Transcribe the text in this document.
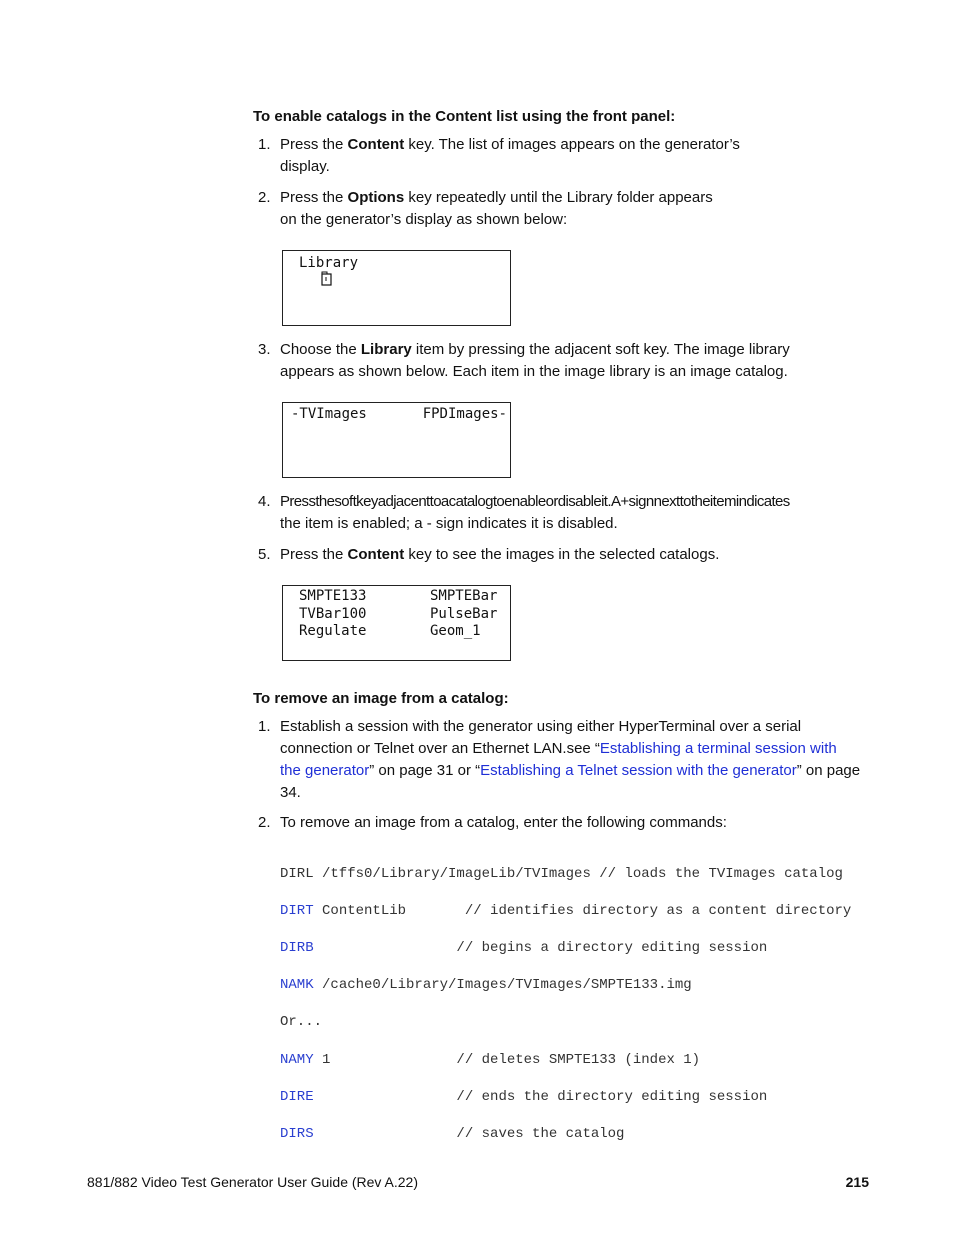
To enable catalogs in the Content list using the front panel:
1. Press the Content key. The list of images appears on the generator’s
display.
2. Press the Options key repeatedly until the Library folder appears
on the generator’s display as shown below:

Library
3. Choose the Library item by pressing the adjacent soft key. The image library
appears as shown below. Each item in the image library is an image catalog.
-TVImages	FPDImages-
4. Pressthesoftkeyadjacenttoacatalogtoenableordisableit.A+signnexttotheitemindicates
the item is enabled; a - sign indicates it is disabled.
5. Press the Content key to see the images in the selected catalogs.
SMPTE133
TVBar100
Regulate
SMPTEBar
PulseBar
Geom_1
To remove an image from a catalog:
1. Establish a session with the generator using either HyperTerminal over a serial
connection or Telnet over an Ethernet LAN.see “Establishing a terminal session with
the generator” on page 31 or “Establishing a Telnet session with the generator” on page
34.
2. To remove an image from a catalog, enter the following commands:

DIRL /tffs0/Library/ImageLib/TVImages // loads the TVImages catalog

DIRT ContentLib       // identifies directory as a content directory

DIRB                 // begins a directory editing session

NAMK /cache0/Library/Images/TVImages/SMPTE133.img

Or...

NAMY 1               // deletes SMPTE133 (index 1)

DIRE                 // ends the directory editing session

DIRS                 // saves the catalog

881/882 Video Test Generator User Guide (Rev A.22)	215
